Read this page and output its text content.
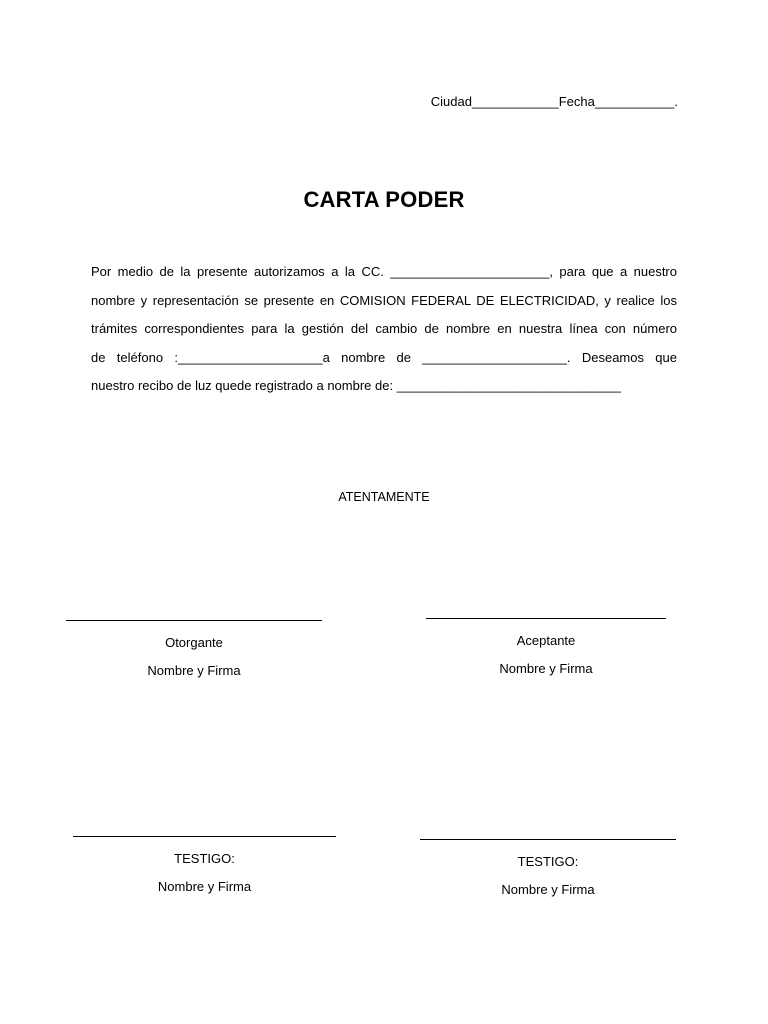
Ciudad____________Fecha___________.
CARTA PODER
Por medio de la presente autorizamos a la CC. ______________________, para que a nuestro
nombre y representación se presente en COMISION FEDERAL DE ELECTRICIDAD, y realice los
trámites correspondientes para la gestión del cambio de nombre en nuestra línea con número
de teléfono :____________________a nombre de ____________________. Deseamos que
nuestro recibo de luz quede registrado a nombre de: _______________________________
ATENTAMENTE
Otorgante
Nombre y Firma
Aceptante
Nombre y Firma
TESTIGO:
Nombre y Firma
TESTIGO:
Nombre y Firma
